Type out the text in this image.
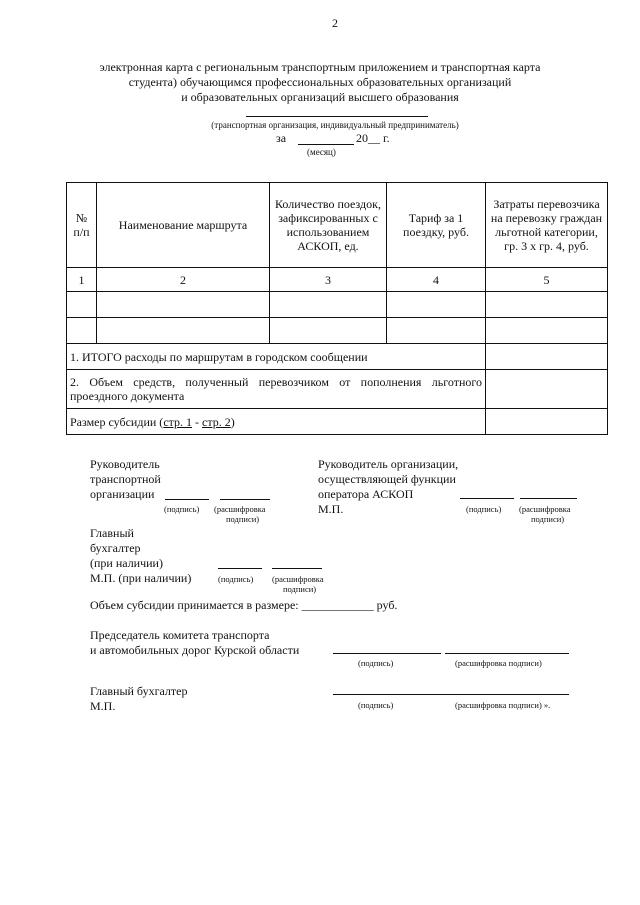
2
электронная карта с региональным транспортным приложением и транспортная карта
студента) обучающимся профессиональных образовательных организаций
и образовательных организаций высшего образования
(транспортная организация, индивидуальный предприниматель)
за	20__ г.
(месяц)
№ п/п	Наименование маршрута	Количество поездок, зафиксированных с использованием АСКОП, ед.	Тариф за 1 поездку, руб.	Затраты перевозчика на перевозку граждан льготной категории, гр. 3 х гр. 4, руб.
1	2	3	4	5

1. ИТОГО расходы по маршрутам в городском сообщении				
2. Объем средств, полученный перевозчиком от пополнения льготного проездного документа				
Размер субсидии (стр. 1 - стр. 2)				
Руководитель
транспортной
организации
(подпись) (расшифровка
подписи)
Руководитель организации,
осуществляющей функции
оператора АСКОП
М.П.	(подпись) (расшифровка
подписи)
Главный
бухгалтер
(при наличии)
М.П. (при наличии)	(подпись) (расшифровка
подписи)
Объем субсидии принимается в размере: ____________ руб.
Председатель комитета транспорта
и автомобильных дорог Курской области
(подпись)	(расшифровка подписи)
Главный бухгалтер
М.П.	(подпись)	(расшифровка подписи) ».
